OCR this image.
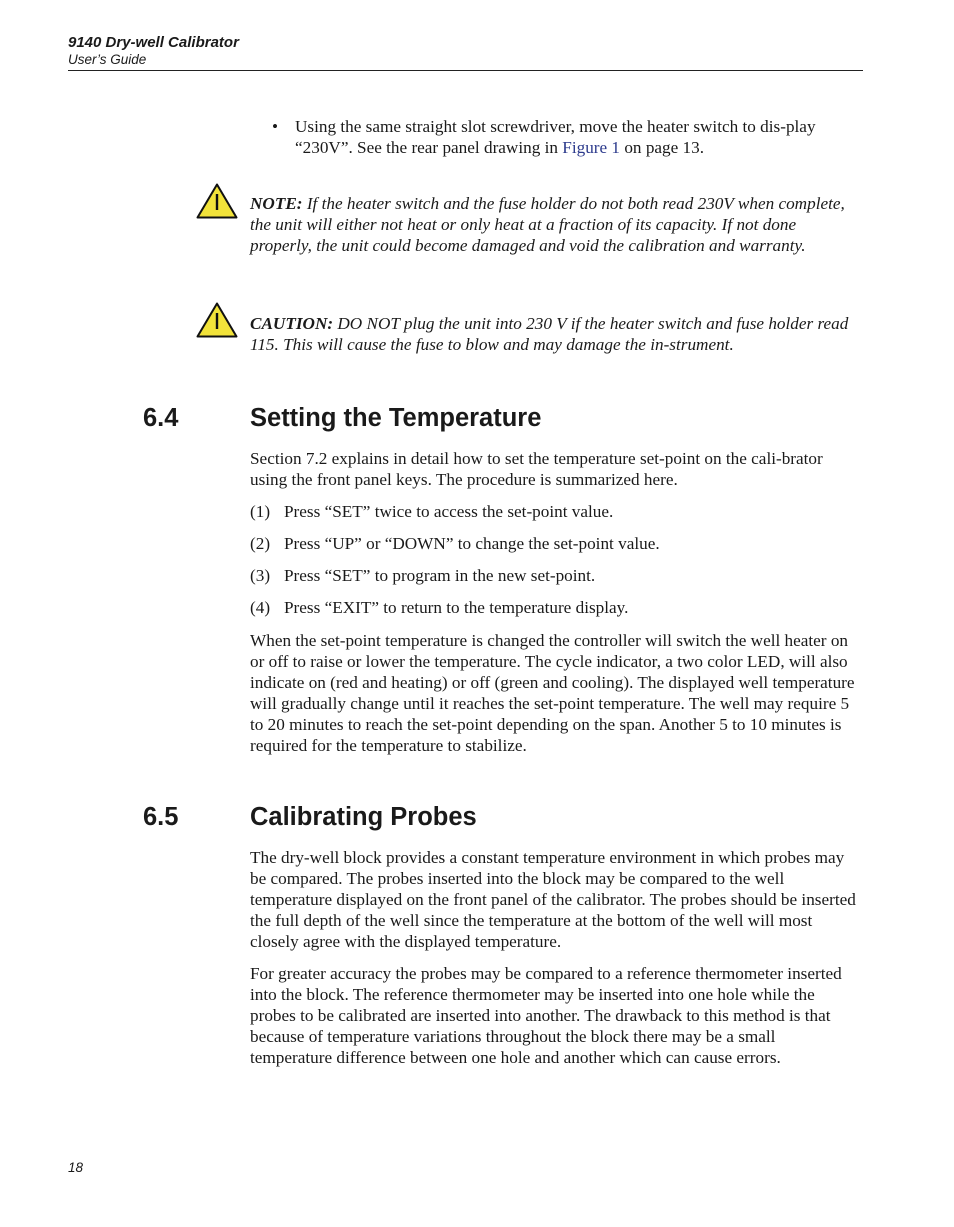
9140 Dry-well Calibrator
User’s Guide
• Using the same straight slot screwdriver, move the heater switch to dis-play “230V”. See the rear panel drawing in Figure 1 on page 13.

NOTE: If the heater switch and the fuse holder do not both read 230V when complete, the unit will either not heat or only heat at a fraction of its capacity. If not done properly, the unit could become damaged and void the calibration and warranty.

CAUTION: DO NOT plug the unit into 230 V if the heater switch and fuse holder read 115. This will cause the fuse to blow and may damage the in-strument.

6.4	Setting the Temperature

Section 7.2 explains in detail how to set the temperature set-point on the cali-brator using the front panel keys. The procedure is summarized here.

(1) Press “SET” twice to access the set-point value.
(2) Press “UP” or “DOWN” to change the set-point value.
(3) Press “SET” to program in the new set-point.
(4) Press “EXIT” to return to the temperature display.

When the set-point temperature is changed the controller will switch the well heater on or off to raise or lower the temperature. The cycle indicator, a two color LED, will also indicate on (red and heating) or off (green and cooling). The displayed well temperature will gradually change until it reaches the set-point temperature. The well may require 5 to 20 minutes to reach the set-point depending on the span. Another 5 to 10 minutes is required for the temperature to stabilize.

6.5	Calibrating Probes

The dry-well block provides a constant temperature environment in which probes may be compared. The probes inserted into the block may be compared to the well temperature displayed on the front panel of the calibrator. The probes should be inserted the full depth of the well since the temperature at the bottom of the well will most closely agree with the displayed temperature.

For greater accuracy the probes may be compared to a reference thermometer inserted into the block. The reference thermometer may be inserted into one hole while the probes to be calibrated are inserted into another. The drawback to this method is that because of temperature variations throughout the block there may be a small temperature difference between one hole and another which can cause errors.

18
